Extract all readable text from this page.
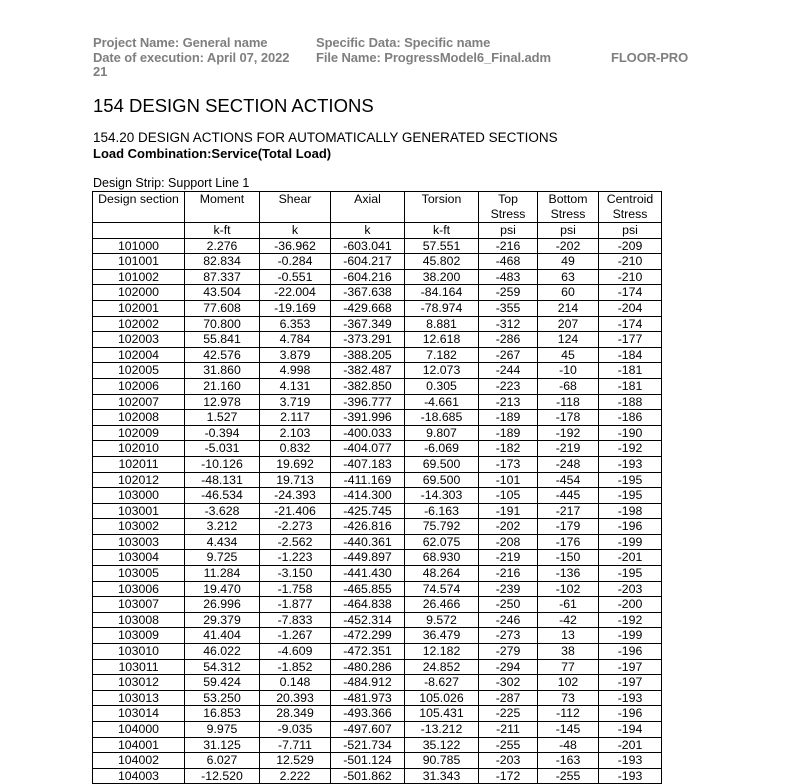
Project Name: General name	Specific Data: Specific name
Date of execution: April 07, 2022 File Name: ProgressModel6_Final.adm	FLOOR-PRO
21
154 DESIGN SECTION ACTIONS
154.20 DESIGN ACTIONS FOR AUTOMATICALLY GENERATED SECTIONS
Load Combination:Service(Total Load)
Design Strip: Support Line 1
Design section	Moment	Shear	Axial	Torsion	Top Stress	Bottom Stress	Centroid Stress
	k-ft	k	k	k-ft	psi	psi	psi
101000	2.276	-36.962	-603.041	57.551	-216	-202	-209
101001	82.834	-0.284	-604.217	45.802	-468	49	-210
101002	87.337	-0.551	-604.216	38.200	-483	63	-210
102000	43.504	-22.004	-367.638	-84.164	-259	60	-174
102001	77.608	-19.169	-429.668	-78.974	-355	214	-204
102002	70.800	6.353	-367.349	8.881	-312	207	-174
102003	55.841	4.784	-373.291	12.618	-286	124	-177
102004	42.576	3.879	-388.205	7.182	-267	45	-184
102005	31.860	4.998	-382.487	12.073	-244	-10	-181
102006	21.160	4.131	-382.850	0.305	-223	-68	-181
102007	12.978	3.719	-396.777	-4.661	-213	-118	-188
102008	1.527	2.117	-391.996	-18.685	-189	-178	-186
102009	-0.394	2.103	-400.033	9.807	-189	-192	-190
102010	-5.031	0.832	-404.077	-6.069	-182	-219	-192
102011	-10.126	19.692	-407.183	69.500	-173	-248	-193
102012	-48.131	19.713	-411.169	69.500	-101	-454	-195
103000	-46.534	-24.393	-414.300	-14.303	-105	-445	-195
103001	-3.628	-21.406	-425.745	-6.163	-191	-217	-198
103002	3.212	-2.273	-426.816	75.792	-202	-179	-196
103003	4.434	-2.562	-440.361	62.075	-208	-176	-199
103004	9.725	-1.223	-449.897	68.930	-219	-150	-201
103005	11.284	-3.150	-441.430	48.264	-216	-136	-195
103006	19.470	-1.758	-465.855	74.574	-239	-102	-203
103007	26.996	-1.877	-464.838	26.466	-250	-61	-200
103008	29.379	-7.833	-452.314	9.572	-246	-42	-192
103009	41.404	-1.267	-472.299	36.479	-273	13	-199
103010	46.022	-4.609	-472.351	12.182	-279	38	-196
103011	54.312	-1.852	-480.286	24.852	-294	77	-197
103012	59.424	0.148	-484.912	-8.627	-302	102	-197
103013	53.250	20.393	-481.973	105.026	-287	73	-193
103014	16.853	28.349	-493.366	105.431	-225	-112	-196
104000	9.975	-9.035	-497.607	-13.212	-211	-145	-194
104001	31.125	-7.711	-521.734	35.122	-255	-48	-201
104002	6.027	12.529	-501.124	90.785	-203	-163	-193
104003	-12.520	2.222	-501.862	31.343	-172	-255	-193
